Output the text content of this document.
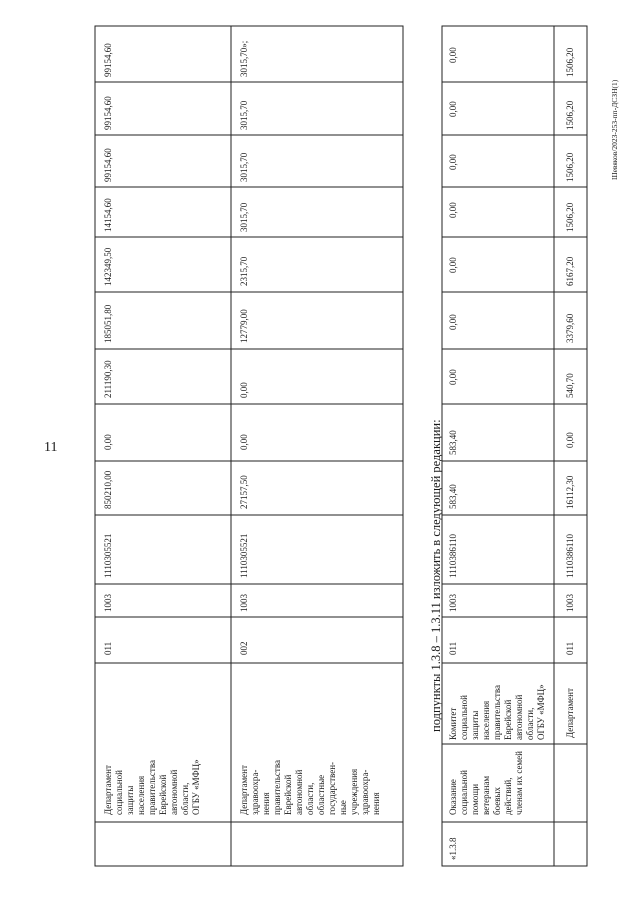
11	подпункты 1.3.8 – 1.3.11 изложить в следующей редакции:
Шевяков/2023-253-пп-ДСЗН(1)
Департамент социальной защиты населения правительства Еврейской автономной области, ОГБУ «МФЦ»
011
1003
1110305521
850210,00
0,00
211190,30
185051,80
142349,50
14154,60
99154,60
99154,60
99154,60
Департамент здравоохра- нения правительства Еврейской автономной области, областные государствен- ные учреждения здравоохра- нения
002
1003
1110305521
27157,50
0,00
0,00
12779,00
2315,70
3015,70
3015,70
3015,70
3015,70»;
«1.3.8
Оказание социальной помощи ветеранам боевых действий, членам их семей
Комитет социальной защиты населения правительства Еврейской автономной области, ОГБУ «МФЦ»
011
1003
1110386110
583,40
583,40
0,00
0,00
0,00
0,00
0,00
0,00
0,00
Департамент
011
1003
1110386110
16112,30
0,00
540,70
3379,60
6167,20
1506,20
1506,20
1506,20
1506,20
